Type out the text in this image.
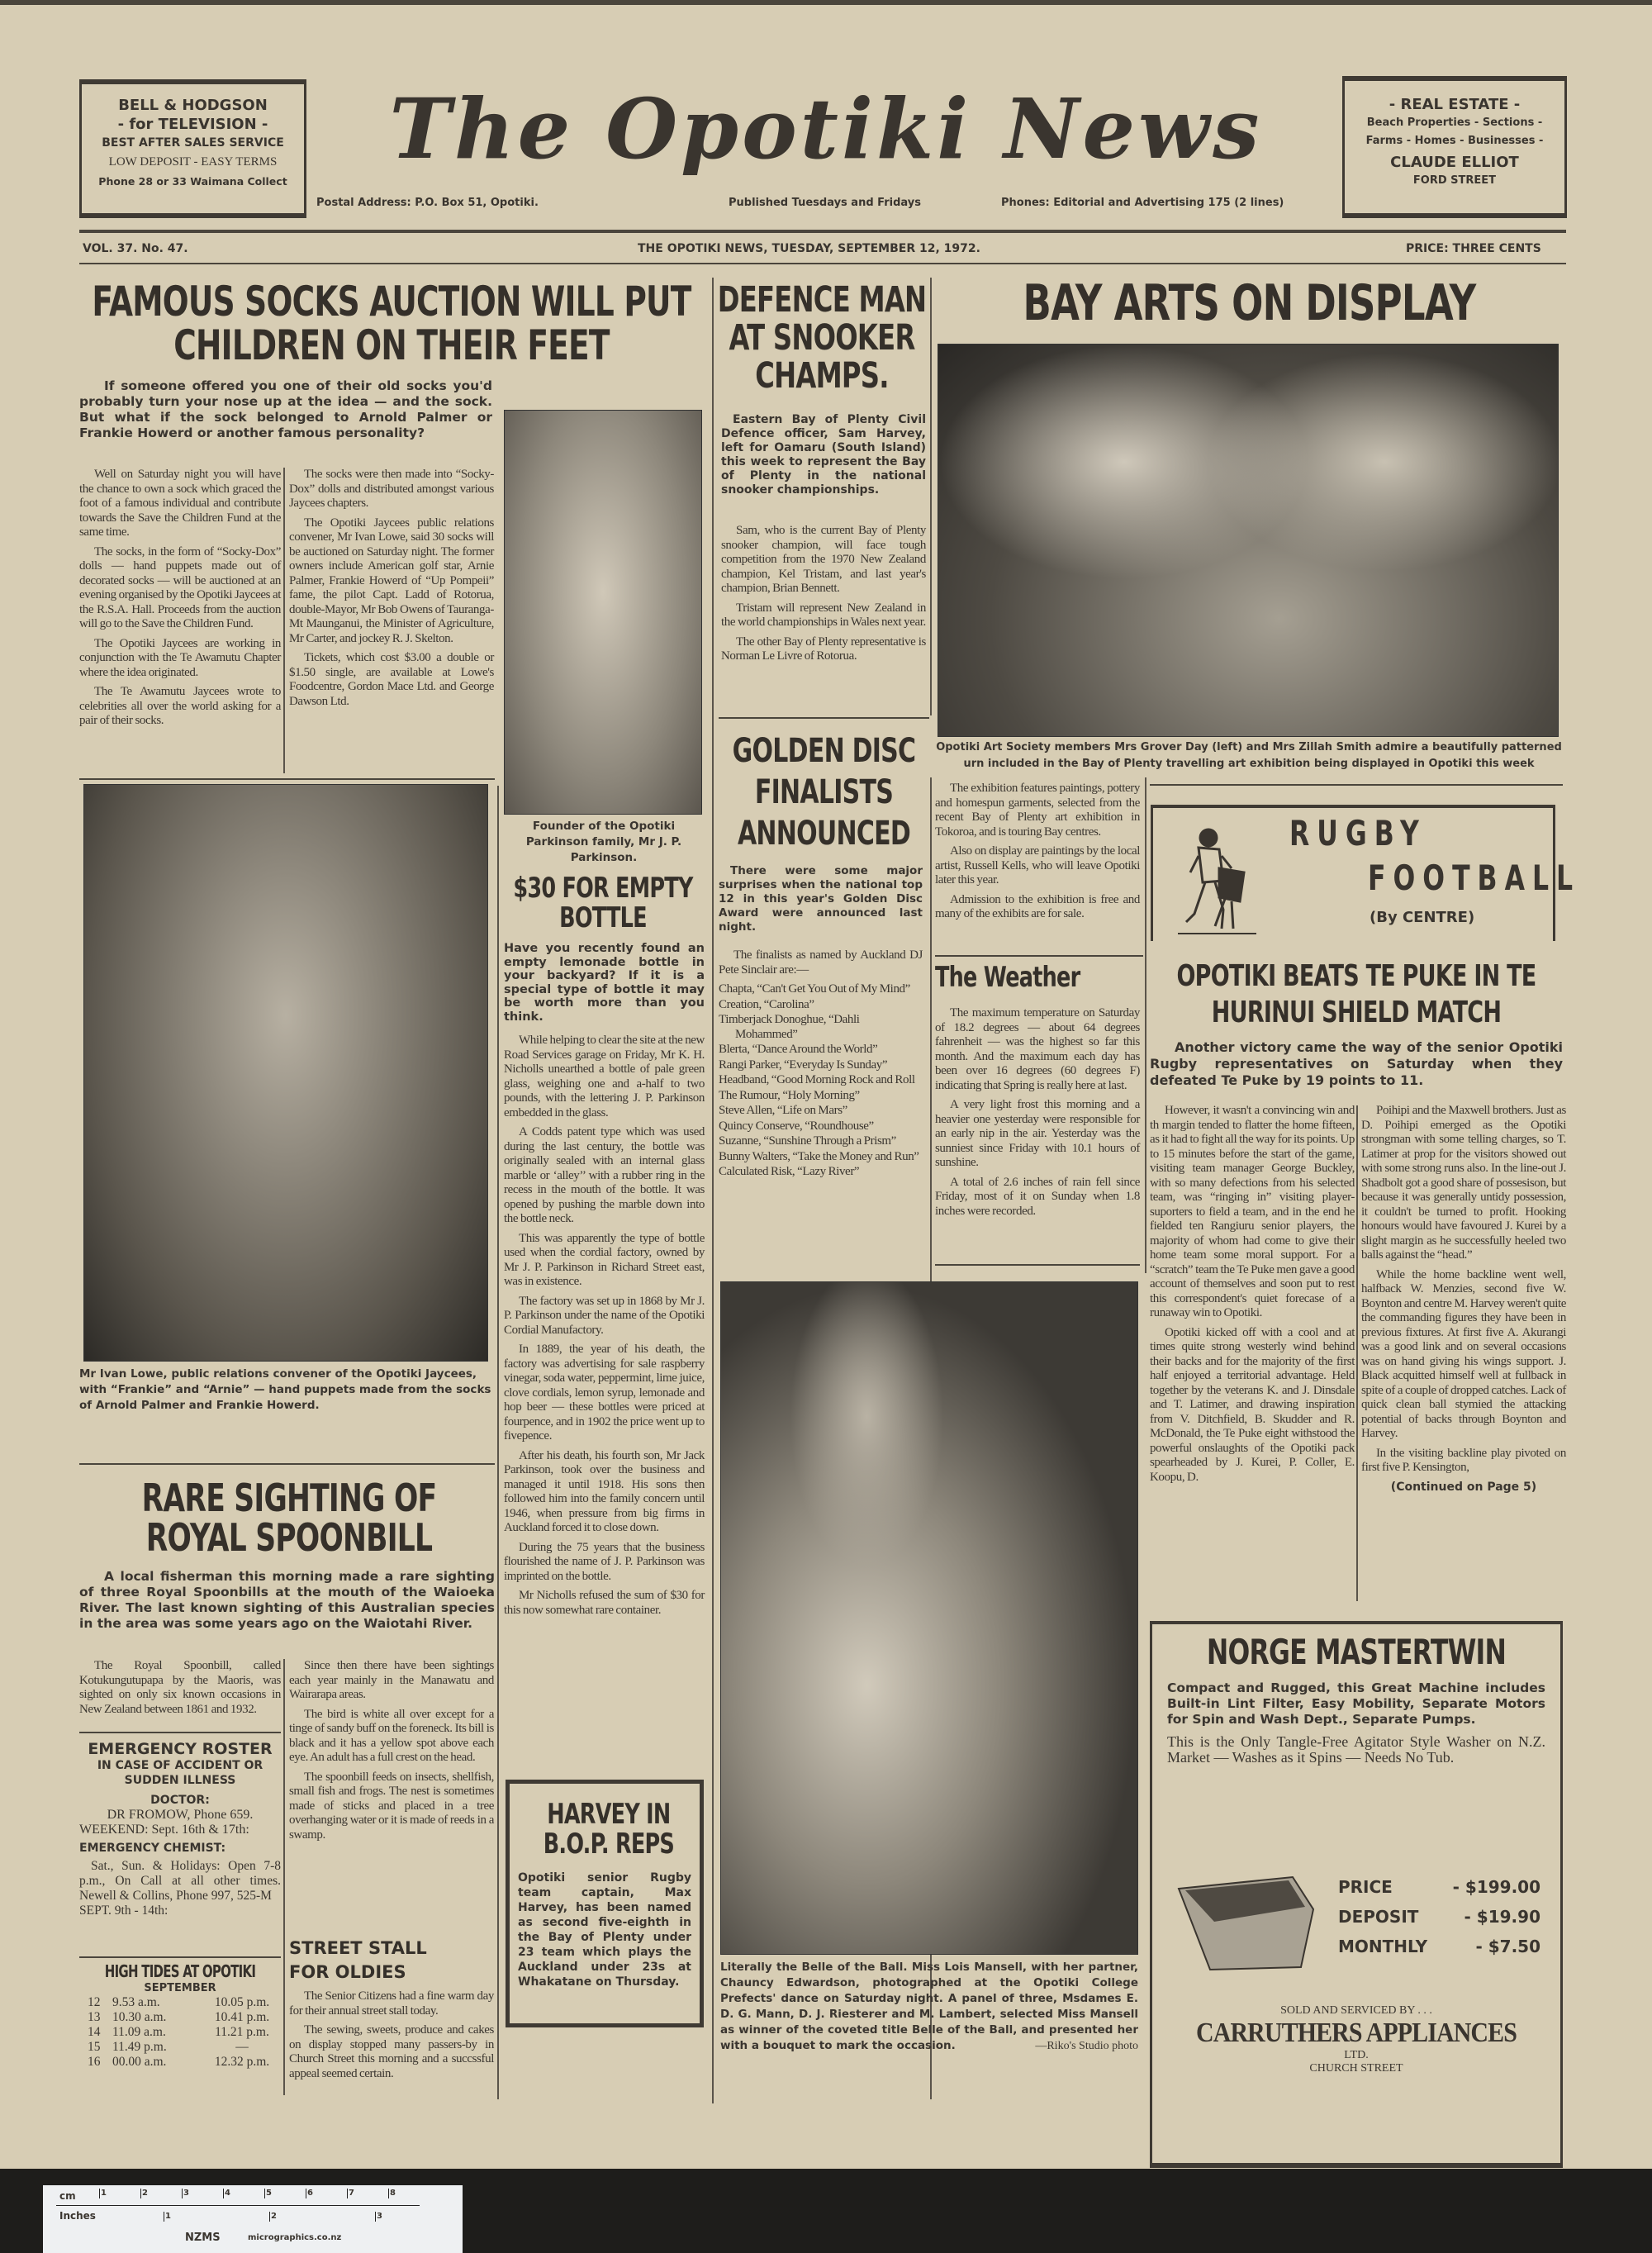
BELL & HODGSON
- for TELEVISION -
BEST AFTER SALES SERVICE
LOW DEPOSIT - EASY TERMS
Phone 28 or 33 Waimana Collect
The Opotiki News
Postal Address: P.O. Box 51, Opotiki.	Published Tuesdays and Fridays	Phones: Editorial and Advertising 175 (2 lines)
- REAL ESTATE -
Beach Properties - Sections -
Farms - Homes - Businesses -
CLAUDE ELLIOT
FORD STREET
VOL. 37. No. 47.	THE OPOTIKI NEWS, TUESDAY, SEPTEMBER 12, 1972.	PRICE: THREE CENTS
FAMOUS SOCKS AUCTION WILL PUT CHILDREN ON THEIR FEET
If someone offered you one of their old socks you'd probably turn your nose up at the idea — and the sock. But what if the sock belonged to Arnold Palmer or Frankie Howerd or another famous personality?

Well on Saturday night you will have the chance to own a sock which graced the foot of a famous individual and contribute towards the Save the Children Fund at the same time.

The socks, in the form of “Socky-Dox” dolls — hand puppets made out of decorated socks — will be auctioned at an evening organised by the Opotiki Jaycees at the R.S.A. Hall. Proceeds from the auction will go to the Save the Children Fund.

The Opotiki Jaycees are working in conjunction with the Te Awamutu Chapter where the idea originated.

The Te Awamutu Jaycees wrote to celebrities all over the world asking for a pair of their socks.

The socks were then made into “Socky-Dox” dolls and distributed amongst various Jaycees chapters.

The Opotiki Jaycees public relations convener, Mr Ivan Lowe, said 30 socks will be auctioned on Saturday night. The former owners include American golf star, Arnie Palmer, Frankie Howerd of “Up Pompeii” fame, the pilot Capt. Ladd of Rotorua, double-Mayor, Mr Bob Owens of Tauranga-Mt Maunganui, the Minister of Agriculture, Mr Carter, and jockey R. J. Skelton.

Tickets, which cost $3.00 a double or $1.50 single, are available at Lowe's Foodcentre, Gordon Mace Ltd. and George Dawson Ltd.

Mr Ivan Lowe, public relations convener of the Opotiki Jaycees, with “Frankie” and “Arnie” — hand puppets made from the socks of Arnold Palmer and Frankie Howerd.
Founder of the Opotiki Parkinson family, Mr J. P. Parkinson.
$30 FOR EMPTY BOTTLE
Have you recently found an empty lemonade bottle in your backyard? If it is a special type of bottle it may be worth more than you think.

While helping to clear the site at the new Road Services garage on Friday, Mr K. H. Nicholls unearthed a bottle of pale green glass, weighing one and a-half to two pounds, with the lettering J. P. Parkinson embedded in the glass.

A Codds patent type which was used during the last century, the bottle was originally sealed with an internal glass marble or ‘alley’’ with a rubber ring in the recess in the mouth of the bottle. It was opened by pushing the marble down into the bottle neck.

This was apparently the type of bottle used when the cordial factory, owned by Mr J. P. Parkinson in Richard Street east, was in existence.

The factory was set up in 1868 by Mr J. P. Parkinson under the name of the Opotiki Cordial Manufactory.

In 1889, the year of his death, the factory was advertising for sale raspberry vinegar, soda water, peppermint, lime juice, clove cordials, lemon syrup, lemonade and hop beer — these bottles were priced at fourpence, and in 1902 the price went up to fivepence.

After his death, his fourth son, Mr Jack Parkinson, took over the business and managed it until 1918. His sons then followed him into the family concern until 1946, when pressure from big firms in Auckland forced it to close down.

During the 75 years that the business flourished the name of J. P. Parkinson was imprinted on the bottle.

Mr Nicholls refused the sum of $30 for this now somewhat rare container.

HARVEY IN B.O.P. REPS
Opotiki senior Rugby team captain, Max Harvey, has been named as second five-eighth in the Bay of Plenty under 23 team which plays the Auckland under 23s at Whakatane on Thursday.
RARE SIGHTING OF ROYAL SPOONBILL
A local fisherman this morning made a rare sighting of three Royal Spoonbills at the mouth of the Waioeka River. The last known sighting of this Australian species in the area was some years ago on the Waiotahi River.

The Royal Spoonbill, called Kotukungutupapa by the Maoris, was sighted on only six known occasions in New Zealand between 1861 and 1932.

Since then there have been sightings each year mainly in the Manawatu and Wairarapa areas.

The bird is white all over except for a tinge of sandy buff on the foreneck. Its bill is black and it has a yellow spot above each eye. An adult has a full crest on the head.

The spoonbill feeds on insects, shellfish, small fish and frogs. The nest is sometimes made of sticks and placed in a tree overhanging water or it is made of reeds in a swamp.

EMERGENCY ROSTER
IN CASE OF ACCIDENT OR SUDDEN ILLNESS
DOCTOR:
DR FROMOW, Phone 659.
WEEKEND: Sept. 16th & 17th:
EMERGENCY CHEMIST:
Sat., Sun. & Holidays: Open 7-8 p.m., On Call at all other times. Newell & Collins, Phone 997, 525-M
SEPT. 9th - 14th:
HIGH TIDES AT OPOTIKI
SEPTEMBER
12 9.53 a.m.	10.05 p.m.
13 10.30 a.m.	10.41 p.m.
14 11.09 a.m.	11.21 p.m.
15 11.49 p.m.	—
16 00.00 a.m.	12.32 p.m.
STREET STALL FOR OLDIES

The Senior Citizens had a fine warm day for their annual street stall today.

The sewing, sweets, produce and cakes on display stopped many passers-by in Church Street this morning and a succssful appeal seemed certain.

DEFENCE MAN AT SNOOKER CHAMPS.
Eastern Bay of Plenty Civil Defence officer, Sam Harvey, left for Oamaru (South Island) this week to represent the Bay of Plenty in the national snooker championships.

Sam, who is the current Bay of Plenty snooker champion, will face tough competition from the 1970 New Zealand champion, Kel Tristam, and last year's champion, Brian Bennett.

Tristam will represent New Zealand in the world championships in Wales next year.

The other Bay of Plenty representative is Norman Le Livre of Rotorua.

GOLDEN DISC FINALISTS ANNOUNCED
There were some major surprises when the national top 12 in this year's Golden Disc Award were announced last night.

The finalists as named by Auckland DJ Pete Sinclair are:—

Chapta, “Can't Get You Out of My Mind”
Creation, “Carolina”
Timberjack Donoghue, “Dahli Mohammed”
Blerta, “Dance Around the World”
Rangi Parker, “Everyday Is Sunday”
Headband, “Good Morning Rock and Roll
The Rumour, “Holy Morning”
Steve Allen, “Life on Mars”
Quincy Conserve, “Roundhouse”
Suzanne, “Sunshine Through a Prism”
Bunny Walters, “Take the Money and Run”
Calculated Risk, “Lazy River”
BAY ARTS ON DISPLAY
Opotiki Art Society members Mrs Grover Day (left) and Mrs Zillah Smith admire a beautifully patterned urn included in the Bay of Plenty travelling art exhibition being displayed in Opotiki this week

The exhibition features paintings, pottery and homespun garments, selected from the recent Bay of Plenty art exhibition in Tokoroa, and is touring Bay centres.

Also on display are paintings by the local artist, Russell Kells, who will leave Opotiki later this year.

Admission to the exhibition is free and many of the exhibits are for sale.

The Weather

The maximum temperature on Saturday of 18.2 degrees — about 64 degrees fahrenheit — was the highest so far this month. And the maximum each day has been over 16 degrees (60 degrees F) indicating that Spring is really here at last.

A very light frost this morning and a heavier one yesterday were responsible for an early nip in the air. Yesterday was the sunniest since Friday with 10.1 hours of sunshine.

A total of 2.6 inches of rain fell since Friday, most of it on Sunday when 1.8 inches were recorded.

Literally the Belle of the Ball. Miss Lois Mansell, with her partner, Chauncy Edwardson, photographed at the Opotiki College Prefects' dance on Saturday night. A panel of three, Msdames E. D. G. Mann, D. J. Riesterer and M. Lambert, selected Miss Mansell as winner of the coveted title Belle of the Ball, and presented her with a bouquet to mark the occasion.	—Riko's Studio photo
RUGBY
FOOTBALL
(By CENTRE)
OPOTIKI BEATS TE PUKE IN TE HURINUI SHIELD MATCH
Another victory came the way of the senior Opotiki Rugby representatives on Saturday when they defeated Te Puke by 19 points to 11.

However, it wasn't a convincing win and th margin tended to flatter the home fifteen, as it had to fight all the way for its points. Up to 15 minutes before the start of the game, visiting team manager George Buckley, with so many defections from his selected team, was “ringing in” visiting player-suporters to field a team, and in the end he fielded ten Rangiuru senior players, the majority of whom had come to give their home team some moral support. For a “scratch” team the Te Puke men gave a good account of themselves and soon put to rest this correspondent's quiet forecase of a runaway win to Opotiki.

Opotiki kicked off with a cool and at times quite strong westerly wind behind their backs and for the majority of the first half enjoyed a territorial advantage. Held together by the veterans K. and J. Dinsdale and T. Latimer, and drawing inspiration from V. Ditchfield, B. Skudder and R. McDonald, the Te Puke eight withstood the powerful onslaughts of the Opotiki pack spearheaded by J. Kurei, P. Coller, E. Koopu, D.

Poihipi and the Maxwell brothers. Just as D. Poihipi emerged as the Opotiki strongman with some telling charges, so T. Latimer at prop for the visitors showed out with some strong runs also. In the line-out J. Shadbolt got a good share of possesison, but because it was generally untidy possession, it couldn't be turned to profit. Hooking honours would have favoured J. Kurei by a slight margin as he successfully heeled two balls against the “head.”

While the home backline went well, halfback W. Menzies, second five W. Boynton and centre M. Harvey weren't quite the commanding figures they have been in previous fixtures. At first five A. Akurangi was a good link and on several occasions was on hand giving his wings support. J. Black acquitted himself well at fullback in spite of a couple of dropped catches. Lack of quick clean ball stymied the attacking potential of backs through Boynton and Harvey.

In the visiting backline play pivoted on first five P. Kensington,

(Continued on Page 5)
NORGE MASTERTWIN
Compact and Rugged, this Great Machine includes Built-in Lint Filter, Easy Mobility, Separate Motors for Spin and Wash Dept., Separate Pumps.
This is the Only Tangle-Free Agitator Style Washer on N.Z. Market — Washes as it Spins — Needs No Tub.
PRICE	- $199.00
DEPOSIT	- $19.90
MONTHLY	- $7.50
SOLD AND SERVICED BY . . .
CARRUTHERS APPLIANCES
LTD.
CHURCH STREET
cm	1	2	3	4	5	6	7	8
Inches	1	2	3
NZMS	micrographics.co.nz
